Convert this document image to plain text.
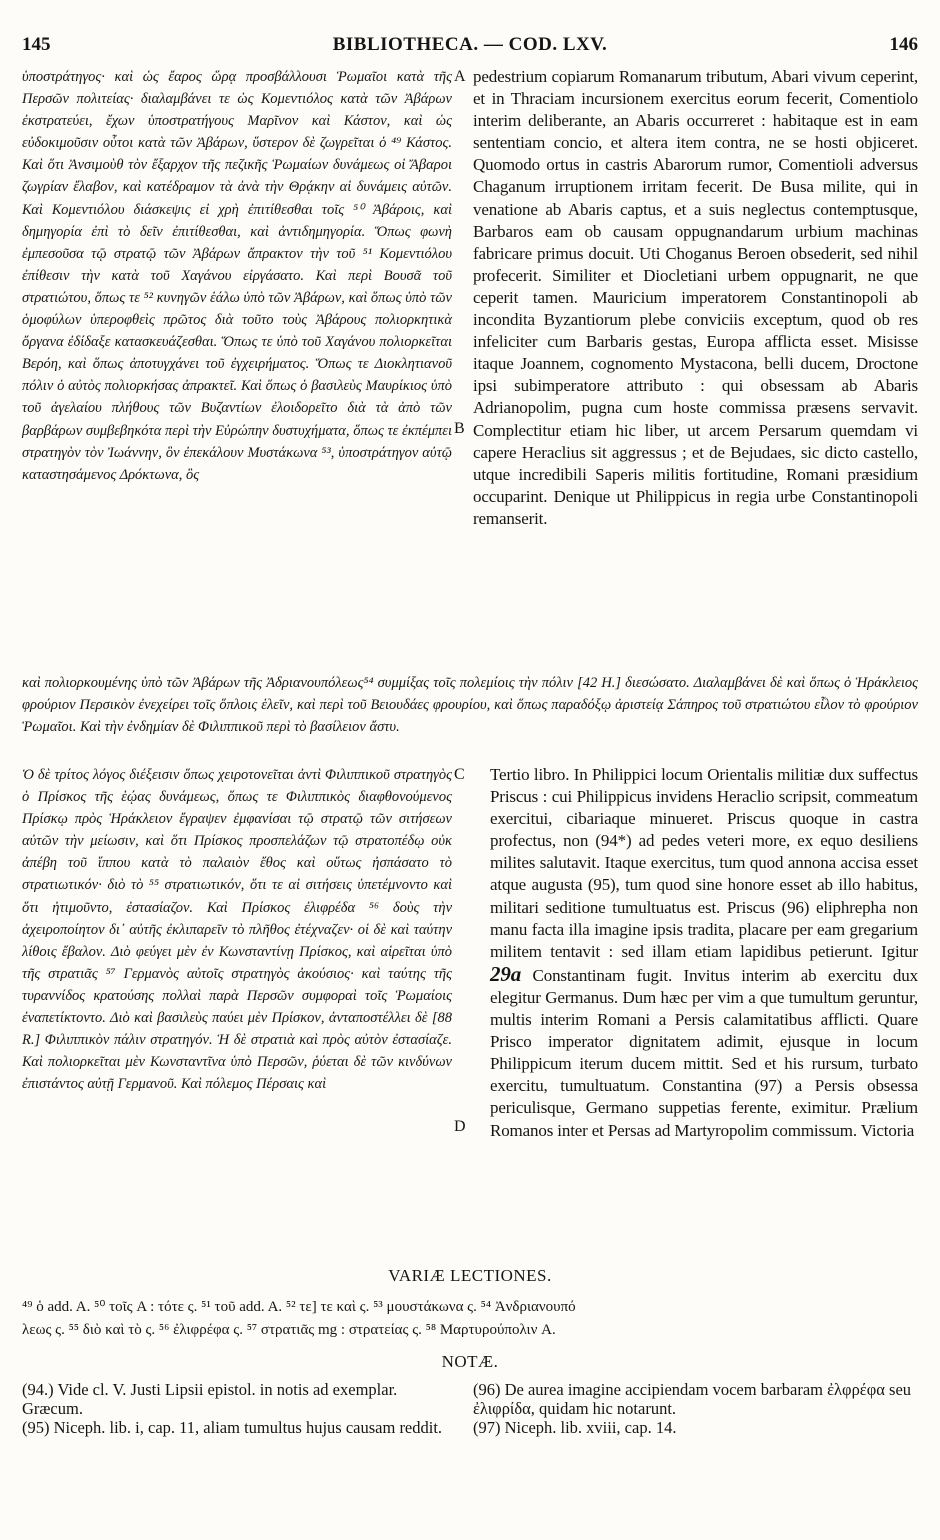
145	BIBLIOTHECA. — COD. LXV.	146
ὑποστράτηγος· καὶ ὡς ἔαρος ὥρᾳ προσβάλλουσι Ῥωμαῖοι κατὰ τῆς Περσῶν πολιτείας· διαλαμβάνει τε ὡς Κομεντιόλος κατὰ τῶν Ἀβάρων ἐκστρατεύει, ἔχων ὑποστρατήγους Μαρῖνον καὶ Κάστον, καὶ ὡς εὐδοκιμοῦσιν οὗτοι κατὰ τῶν Ἀβάρων, ὕστερον δὲ ζωγρεῖται ὁ ⁴⁹ Κάστος. Καὶ ὅτι Ἀνσιμοὺθ τὸν ἔξαρχον τῆς πεζικῆς Ῥωμαίων δυνάμεως οἱ Ἄβαροι ζωγρίαν ἔλαβον, καὶ κατέδραμον τὰ ἀνὰ τὴν Θρᾴκην αἱ δυνάμεις αὐτῶν. Καὶ Κομεντιόλου διάσκεψις εἰ χρὴ ἐπιτίθεσθαι τοῖς ⁵⁰ Ἀβάροις, καὶ δημηγορία ἐπὶ τὸ δεῖν ἐπιτίθεσθαι, καὶ ἀντιδημηγορία. Ὅπως φωνὴ ἐμπεσοῦσα τῷ στρατῷ τῶν Ἀβάρων ἄπρακτον τὴν τοῦ ⁵¹ Κομεντιόλου ἐπίθεσιν τὴν κατὰ τοῦ Χαγάνου εἰργάσατο. Καὶ περὶ Βουσᾶ τοῦ στρατιώτου, ὅπως τε ⁵² κυνηγῶν ἑάλω ὑπὸ τῶν Ἀβάρων, καὶ ὅπως ὑπὸ τῶν ὁμοφύλων ὑπεροφθεὶς πρῶτος διὰ τοῦτο τοὺς Ἀβάρους πολιορκητικὰ ὄργανα ἐδίδαξε κατασκευάζεσθαι. Ὅπως τε ὑπὸ τοῦ Χαγάνου πολιορκεῖται Βερόη, καὶ ὅπως ἀποτυγχάνει τοῦ ἐγχειρήματος. Ὅπως τε Διοκλητιανοῦ πόλιν ὁ αὐτὸς πολιορκήσας ἀπρακτεῖ. Καὶ ὅπως ὁ βασιλεὺς Μαυρίκιος ὑπὸ τοῦ ἀγελαίου πλήθους τῶν Βυζαντίων ἐλοιδορεῖτο διὰ τὰ ἀπὸ τῶν βαρβάρων συμβεβηκότα περὶ τὴν Εὐρώπην δυστυχήματα, ὅπως τε ἐκπέμπει στρατηγὸν τὸν Ἰωάννην, ὃν ἐπεκάλουν Μυστάκωνα ⁵³, ὑποστράτηγον αὐτῷ καταστησάμενος Δρόκτωνα, ὃς
A
B
pedestrium copiarum Romanarum tributum, Abari vivum ceperint, et in Thraciam incursionem exercitus eorum fecerit, Comentiolo interim deliberante, an Abaris occurreret : habitaque est in eam sententiam concio, et altera item contra, ne se hosti objiceret. Quomodo ortus in castris Abarorum rumor, Comentioli adversus Chaganum irruptionem irritam fecerit. De Busa milite, qui in venatione ab Abaris captus, et a suis neglectus contemptusque, Barbaros eam ob causam oppugnandarum urbium machinas fabricare primus docuit. Uti Choganus Beroen obsederit, sed nihil profecerit. Similiter et Diocletiani urbem oppugnarit, ne que ceperit tamen. Mauricium imperatorem Constantinopoli ab incondita Byzantiorum plebe conviciis exceptum, quod ob res infeliciter cum Barbaris gestas, Europa afflicta esset. Misisse itaque Joannem, cognomento Mystacona, belli ducem, Droctone ipsi subimperatore attributo : qui obsessam ab Abaris Adrianopolim, pugna cum hoste commissa præsens servavit. Complectitur etiam hic liber, ut arcem Persarum quemdam vi capere Heraclius sit aggressus ; et de Bejudaes, sic dicto castello, utque incredibili Saperis militis fortitudine, Romani præsidium occuparint. Denique ut Philippicus in regia urbe Constantinopoli remanserit.
καὶ πολιορκουμένης ὑπὸ τῶν Ἀβάρων τῆς Ἀδριανουπόλεως⁵⁴ συμμίξας τοῖς πολεμίοις τὴν πόλιν [42 H.] διεσώσατο. Διαλαμβάνει δὲ καὶ ὅπως ὁ Ἡράκλειος φρούριον Περσικὸν ἐνεχείρει τοῖς ὅπλοις ἑλεῖν, καὶ περὶ τοῦ Βειουδάες φρουρίου, καὶ ὅπως παραδόξῳ ἀριστείᾳ Σάπηρος τοῦ στρατιώτου εἷλον τὸ φρούριον Ῥωμαῖοι. Καὶ τὴν ἐνδημίαν δὲ Φιλιππικοῦ περὶ τὸ βασίλειον ἄστυ.
Ὁ δὲ τρίτος λόγος διέξεισιν ὅπως χειροτονεῖται ἀντὶ Φιλιππικοῦ στρατηγὸς ὁ Πρίσκος τῆς ἑῴας δυνάμεως, ὅπως τε Φιλιππικὸς διαφθονούμενος Πρίσκῳ πρὸς Ἡράκλειον ἔγραψεν ἐμφανίσαι τῷ στρατῷ τῶν σιτήσεων αὐτῶν τὴν μείωσιν, καὶ ὅτι Πρίσκος προσπελάζων τῷ στρατοπέδῳ οὐκ ἀπέβη τοῦ ἵππου κατὰ τὸ παλαιὸν ἔθος καὶ οὕτως ἠσπάσατο τὸ στρατιωτικόν· διὸ τὸ ⁵⁵ στρατιωτικόν, ὅτι τε αἱ σιτήσεις ὑπετέμνοντο καὶ ὅτι ἠτιμοῦντο, ἐστασίαζον. Καὶ Πρίσκος ἐλιφρέδα ⁵⁶ δοὺς τὴν ἀχειροποίητον δι᾽ αὐτῆς ἐκλιπαρεῖν τὸ πλῆθος ἐτέχναζεν· οἱ δὲ καὶ ταύτην λίθοις ἔβαλον. Διὸ φεύγει μὲν ἐν Κωνσταντίνῃ Πρίσκος, καὶ αἱρεῖται ὑπὸ τῆς στρατιᾶς ⁵⁷ Γερμανὸς αὐτοῖς στρατηγὸς ἀκούσιος· καὶ ταύτης τῆς τυραννίδος κρατούσης πολλαὶ παρὰ Περσῶν συμφοραὶ τοῖς Ῥωμαίοις ἐναπετίκτοντο. Διὸ καὶ βασιλεὺς παύει μὲν Πρίσκον, ἀνταποστέλλει δὲ [88 R.] Φιλιππικὸν πάλιν στρατηγόν. Ἡ δὲ στρατιὰ καὶ πρὸς αὐτὸν ἐστασίαζε. Καὶ πολιορκεῖται μὲν Κωνσταντῖνα ὑπὸ Περσῶν, ῥύεται δὲ τῶν κινδύνων ἐπιστάντος αὐτῇ Γερμανοῦ. Καὶ πόλεμος Πέρσαις καὶ
C
D
Tertio libro. In Philippici locum Orientalis militiæ dux suffectus Priscus : cui Philippicus invidens Heraclio scripsit, commeatum exercitui, cibariaque minueret. Priscus quoque in castra profectus, non (94*) ad pedes veteri more, ex equo desiliens milites salutavit. Itaque exercitus, tum quod annona accisa esset atque augusta (95), tum quod sine honore esset ab illo habitus, militari seditione tumultuatus est. Priscus (96) eliphrepha non manu facta illa imagine ipsis tradita, placare per eam gregarium militem tentavit : sed illam etiam lapidibus petierunt. Igitur 29a Constantinam fugit. Invitus interim ab exercitu dux elegitur Germanus. Dum hæc per vim a que tumultum geruntur, multis interim Romani a Persis calamitatibus afflicti. Quare Prisco imperator dignitatem adimit, ejusque in locum Philippicum iterum ducem mittit. Sed et his rursum, turbato exercitu, tumultuatum. Constantina (97) a Persis obsessa periculisque, Germano suppetias ferente, eximitur. Prælium Romanos inter et Persas ad Martyropolim commissum. Victoria
VARIÆ LECTIONES.
⁴⁹ ὁ add. A. ⁵⁰ τοῖς A : τότε ς. ⁵¹ τοῦ add. A. ⁵² τε] τε καὶ ς. ⁵³ μουστάκωνα ς. ⁵⁴ Ἀνδριανουπό
λεως ς. ⁵⁵ διὸ καὶ τὸ ς. ⁵⁶ ἐλιφρέφα ς. ⁵⁷ στρατιᾶς mg : στρατείας ς. ⁵⁸ Μαρτυρούπολιν A.
NOTÆ.
(94.) Vide cl. V. Justi Lipsii epistol. in notis ad exemplar. Græcum.
(95) Niceph. lib. i, cap. 11, aliam tumultus hujus causam reddit.
(96) De aurea imagine accipiendam vocem barbaram ἐλφρέφα seu ἐλιφρίδα, quidam hic notarunt.
(97) Niceph. lib. xviii, cap. 14.
